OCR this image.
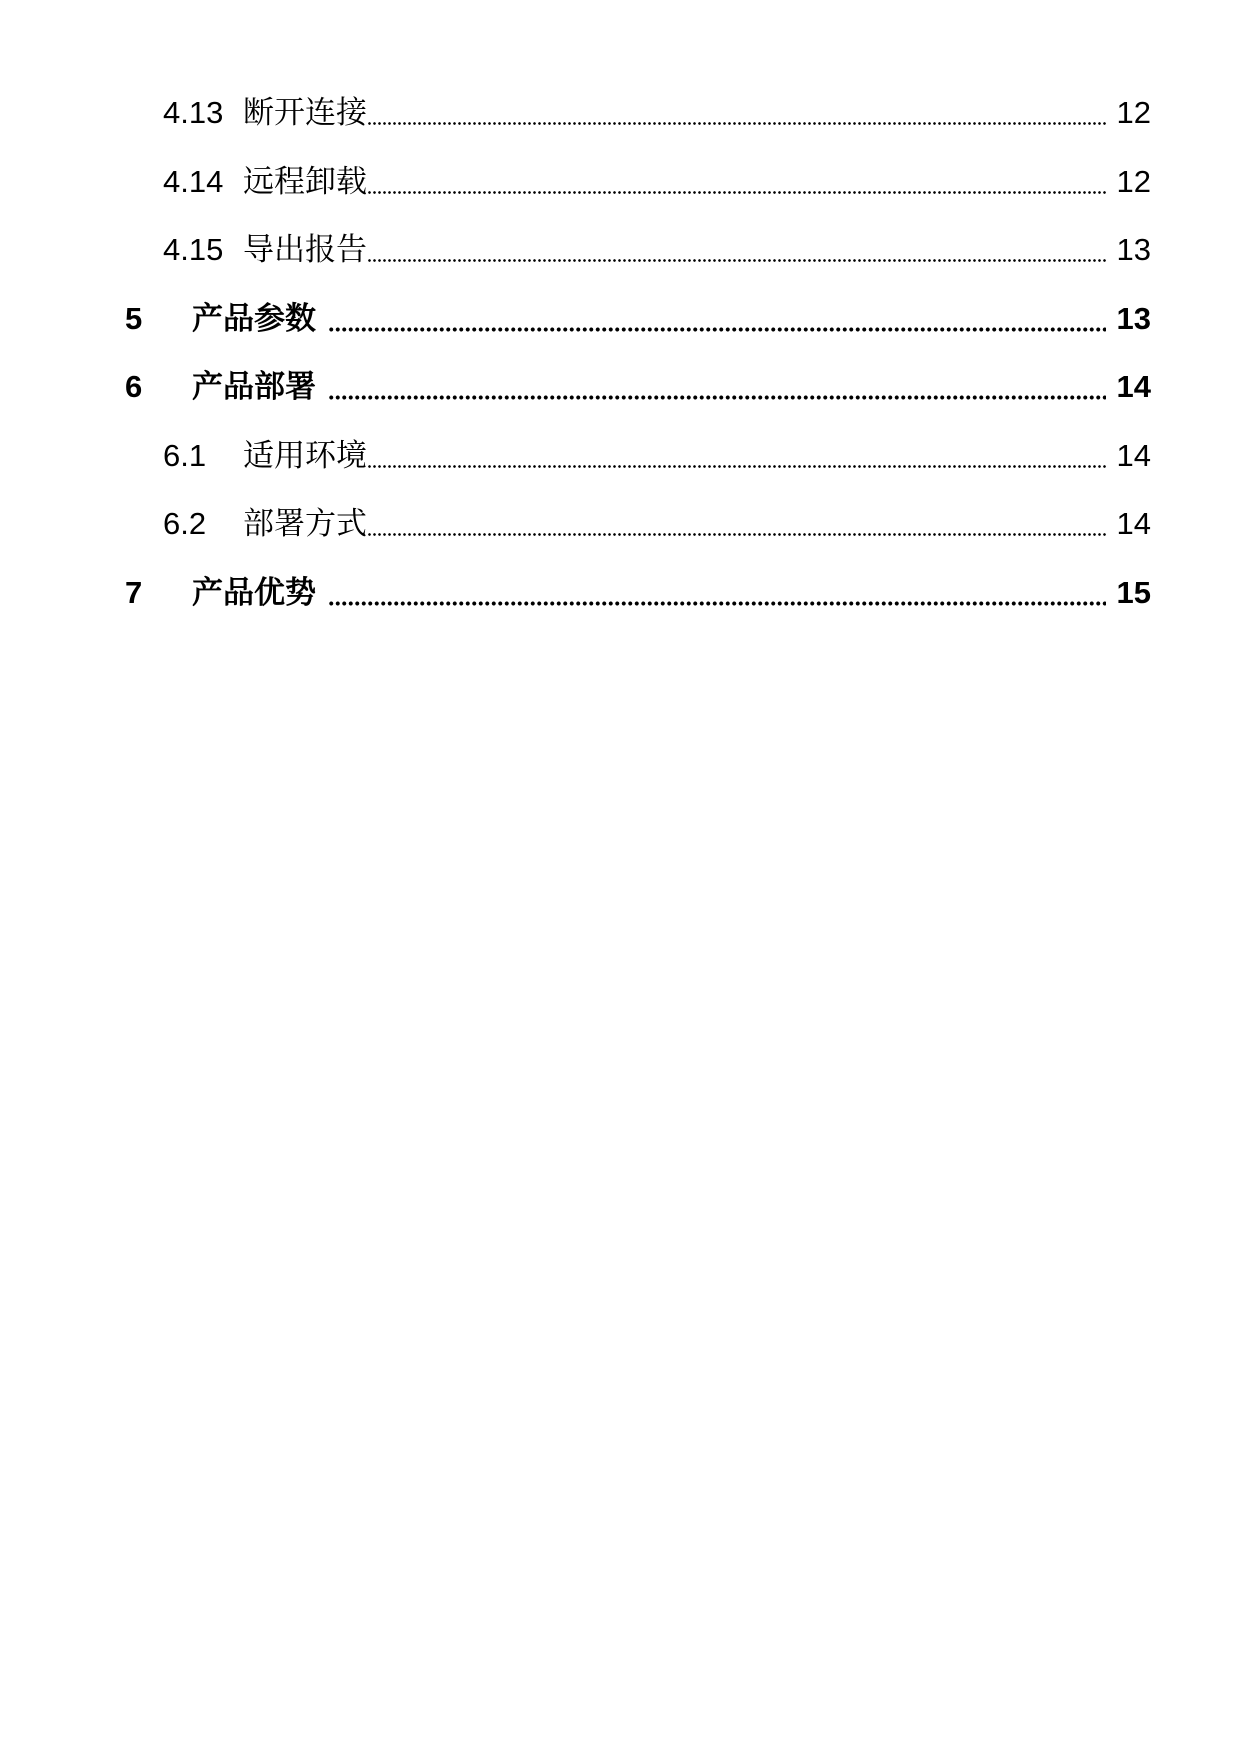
4.13 断开连接	12
4.14 远程卸载	12
4.15 导出报告	13
5	产品参数	13
6	产品部署	14
6.1	适用环境	14
6.2	部署方式	14
7	产品优势	15
